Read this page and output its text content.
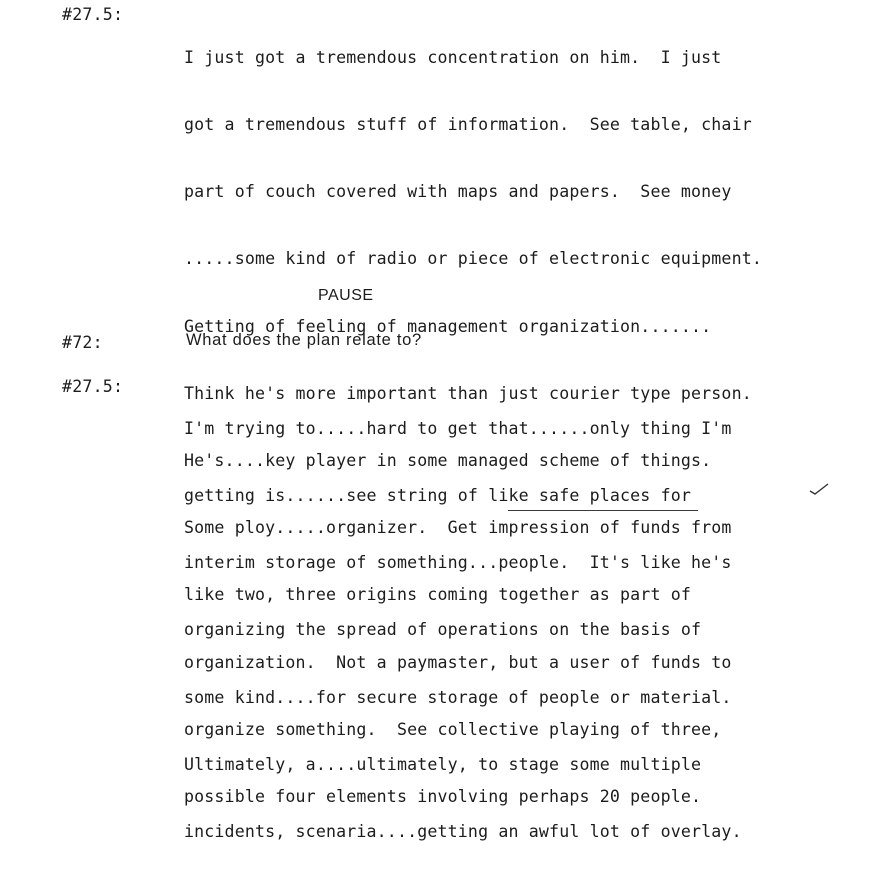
#27.5:

I just got a tremendous concentration on him.  I just

got a tremendous stuff of information.  See table, chair

part of couch covered with maps and papers.  See money

.....some kind of radio or piece of electronic equipment.

Getting of feeling of management organization.......

Think he's more important than just courier type person.

He's....key player in some managed scheme of things.

Some ploy.....organizer.  Get impression of funds from

like two, three origins coming together as part of

organization.  Not a paymaster, but a user of funds to

organize something.  See collective playing of three,

possible four elements involving perhaps 20 people.

PAUSE
#72:	What does the plan relate to?
#27.5:

I'm trying to.....hard to get that......only thing I'm

getting is......see string of like safe places for

interim storage of something...people.  It's like he's

organizing the spread of operations on the basis of

some kind....for secure storage of people or material.

Ultimately, a....ultimately, to stage some multiple

incidents, scenaria....getting an awful lot of overlay.
